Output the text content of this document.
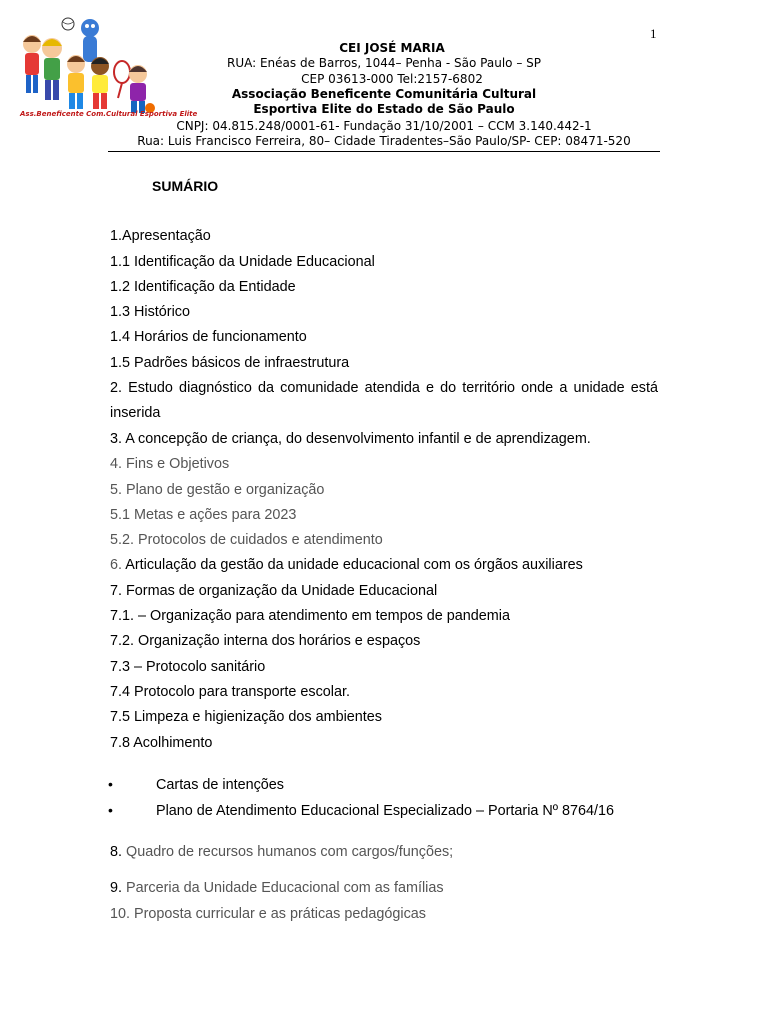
1
Ass.Beneficente Com.Cultural Esportiva Elite
CEI JOSÉ MARIA
RUA: Enéas de Barros, 1044– Penha - São Paulo – SP
CEP 03613-000 Tel:2157-6802
Associação Beneficente Comunitária Cultural
Esportiva Elite do Estado de São Paulo
CNPJ: 04.815.248/0001-61- Fundação 31/10/2001 – CCM 3.140.442-1
Rua: Luis Francisco Ferreira, 80– Cidade Tiradentes–São Paulo/SP- CEP: 08471-520
SUMÁRIO
1.Apresentação
1.1 Identificação da Unidade Educacional
1.2 Identificação da Entidade
1.3 Histórico
1.4 Horários de funcionamento
1.5 Padrões básicos de infraestrutura
2. Estudo diagnóstico da comunidade atendida e do território onde a unidade está inserida
3. A concepção de criança, do desenvolvimento infantil e de aprendizagem.
4. Fins e Objetivos
5. Plano de gestão e organização
5.1 Metas e ações para 2023
5.2. Protocolos de cuidados e atendimento
6. Articulação da gestão da unidade educacional com os órgãos auxiliares
7. Formas de organização da Unidade Educacional
7.1. – Organização para atendimento em tempos de pandemia
7.2. Organização interna dos horários e espaços
7.3 – Protocolo sanitário
7.4 Protocolo para transporte escolar.
7.5 Limpeza e higienização dos ambientes
7.8 Acolhimento
•	Cartas de intenções
•	Plano de Atendimento Educacional Especializado – Portaria Nº 8764/16
8. Quadro de recursos humanos com cargos/funções;
9. Parceria da Unidade Educacional com as famílias
10. Proposta curricular e as práticas pedagógicas
